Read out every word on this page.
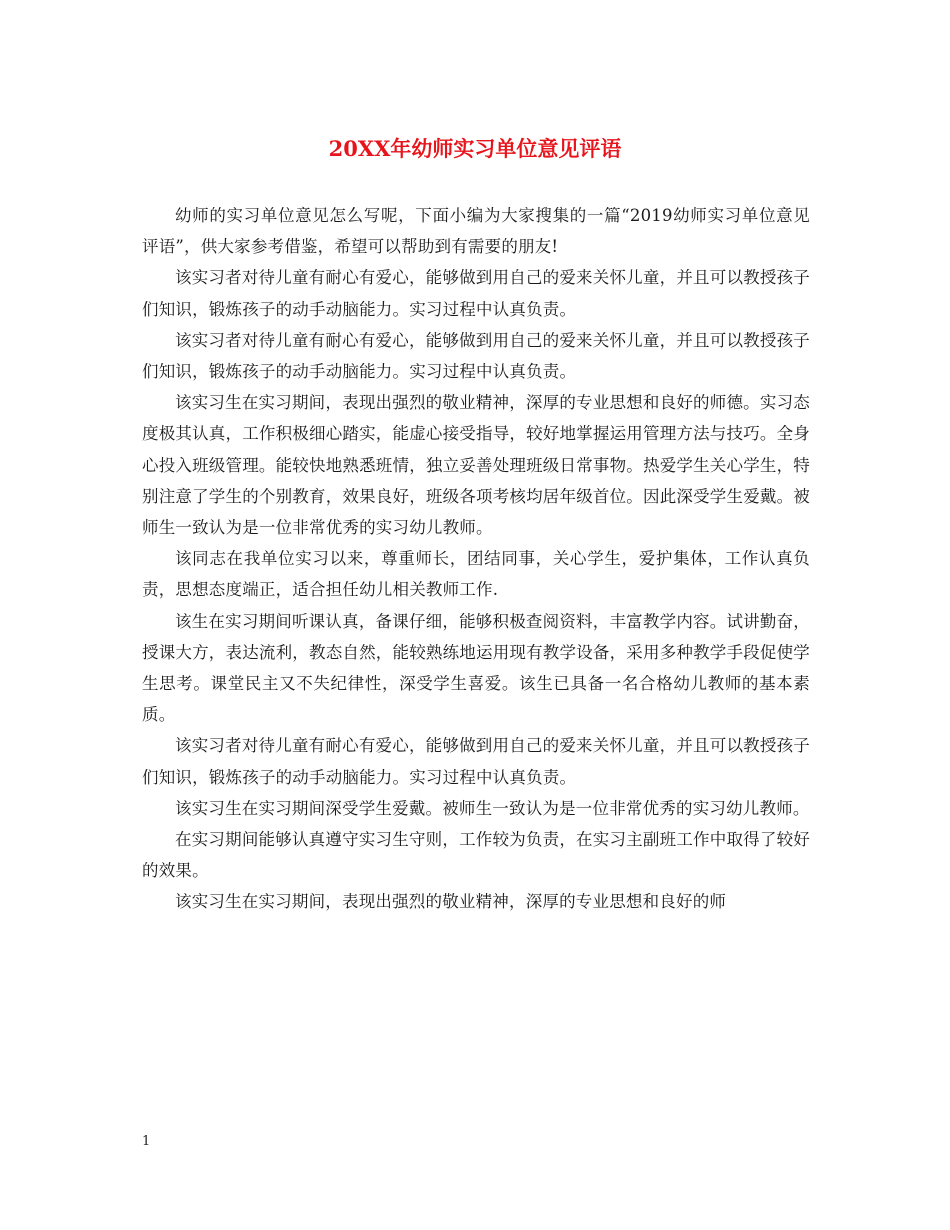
20XX年幼师实习单位意见评语

幼师的实习单位意见怎么写呢，下面小编为大家搜集的一篇“2019幼师实习单位意见评语”，供大家参考借鉴，希望可以帮助到有需要的朋友!

该实习者对待儿童有耐心有爱心，能够做到用自己的爱来关怀儿童，并且可以教授孩子们知识，锻炼孩子的动手动脑能力。实习过程中认真负责。

该实习者对待儿童有耐心有爱心，能够做到用自己的爱来关怀儿童，并且可以教授孩子们知识，锻炼孩子的动手动脑能力。实习过程中认真负责。

该实习生在实习期间，表现出强烈的敬业精神，深厚的专业思想和良好的师德。实习态度极其认真，工作积极细心踏实，能虚心接受指导，较好地掌握运用管理方法与技巧。全身心投入班级管理。能较快地熟悉班情，独立妥善处理班级日常事物。热爱学生关心学生，特别注意了学生的个别教育，效果良好，班级各项考核均居年级首位。因此深受学生爱戴。被师生一致认为是一位非常优秀的实习幼儿教师。

该同志在我单位实习以来，尊重师长，团结同事，关心学生，爱护集体，工作认真负责，思想态度端正，适合担任幼儿相关教师工作.

该生在实习期间听课认真，备课仔细，能够积极查阅资料，丰富教学内容。试讲勤奋，授课大方，表达流利，教态自然，能较熟练地运用现有教学设备，采用多种教学手段促使学生思考。课堂民主又不失纪律性，深受学生喜爱。该生已具备一名合格幼儿教师的基本素质。

该实习者对待儿童有耐心有爱心，能够做到用自己的爱来关怀儿童，并且可以教授孩子们知识，锻炼孩子的动手动脑能力。实习过程中认真负责。

该实习生在实习期间深受学生爱戴。被师生一致认为是一位非常优秀的实习幼儿教师。

在实习期间能够认真遵守实习生守则，工作较为负责，在实习主副班工作中取得了较好的效果。

该实习生在实习期间，表现出强烈的敬业精神，深厚的专业思想和良好的师

1
